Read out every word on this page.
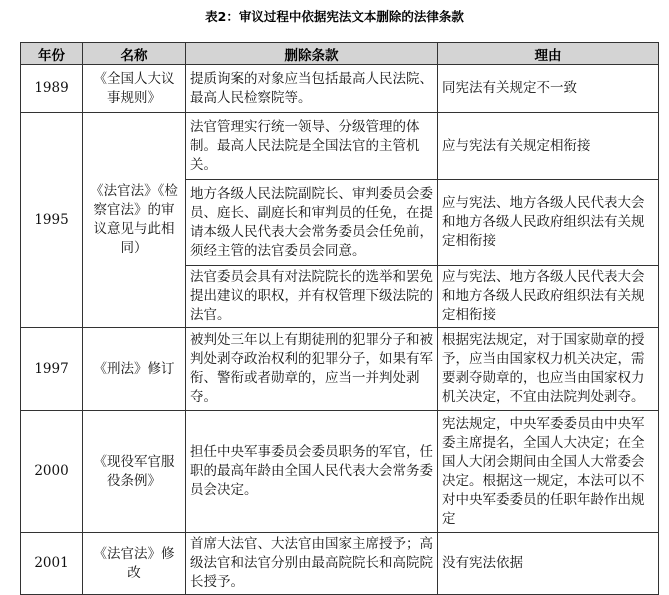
表2：审议过程中依据宪法文本删除的法律条款
年份	名称	删除条款	理由
1989	《全国人大议事规则》	提质询案的对象应当包括最高人民法院、最高人民检察院等。	同宪法有关规定不一致
1995	《法官法》《检察官法》的审议意见与此相同）	法官管理实行统一领导、分级管理的体制。最高人民法院是全国法官的主管机关。	应与宪法有关规定相衔接
		地方各级人民法院副院长、审判委员会委员、庭长、副庭长和审判员的任免，在提请本级人民代表大会常务委员会任免前，须经主管的法官委员会同意。	应与宪法、地方各级人民代表大会和地方各级人民政府组织法有关规定相衔接
		法官委员会具有对法院院长的选举和罢免提出建议的职权，并有权管理下级法院的法官。	应与宪法、地方各级人民代表大会和地方各级人民政府组织法有关规定相衔接
1997	《刑法》修订	被判处三年以上有期徒刑的犯罪分子和被判处剥夺政治权利的犯罪分子，如果有军衔、警衔或者勋章的，应当一并判处剥夺。	根据宪法规定，对于国家勋章的授予，应当由国家权力机关决定，需要剥夺勋章的，也应当由国家权力机关决定，不宜由法院判处剥夺。
2000	《现役军官服役条例》	担任中央军事委员会委员职务的军官，任职的最高年龄由全国人民代表大会常务委员会决定。	宪法规定，中央军委委员由中央军委主席提名，全国人大决定；在全国人大闭会期间由全国人大常委会决定。根据这一规定，本法可以不对中央军委委员的任职年龄作出规定
2001	《法官法》修改	首席大法官、大法官由国家主席授予；高级法官和法官分别由最高院院长和高院院长授予。	没有宪法依据
